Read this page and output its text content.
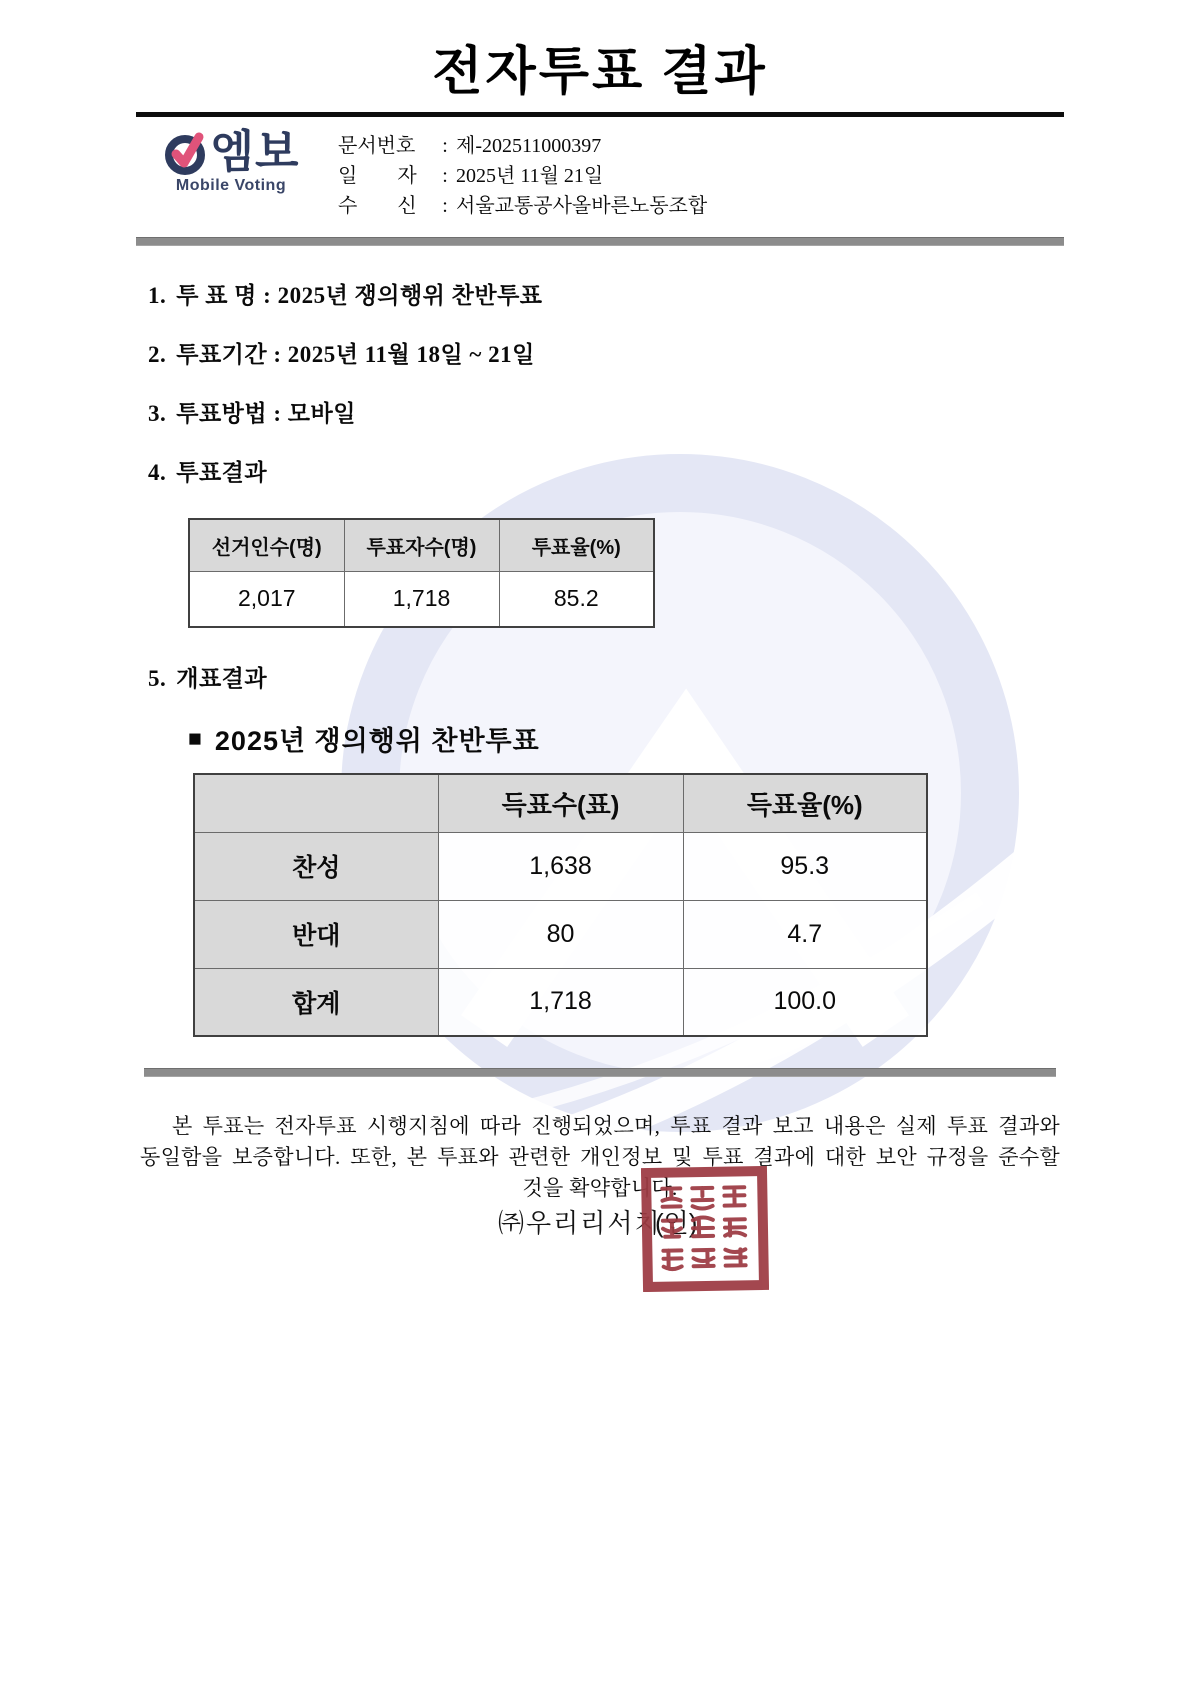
전자투표 결과
엠보
Mobile Voting
문서번호 : 제-202511000397
일　　자 : 2025년 11월 21일
수　　신 : 서울교통공사올바른노동조합
1. 투 표 명 : 2025년 쟁의행위 찬반투표
2. 투표기간 : 2025년 11월 18일 ~ 21일
3. 투표방법 : 모바일
4. 투표결과
선거인수(명)	투표자수(명)	투표율(%)
2,017	1,718	85.2
5. 개표결과
■ 2025년 쟁의행위 찬반투표
	득표수(표)	득표율(%)
찬성	1,638	95.3
반대	80	4.7
합계	1,718	100.0
본 투표는 전자투표 시행지침에 따라 진행되었으며, 투표 결과 보고 내용은 실제 투표 결과와
동일함을 보증합니다. 또한, 본 투표와 관련한 개인정보 및 투표 결과에 대한 보안 규정을 준수할
것을 확약합니다.
㈜우리리서치
(인)
